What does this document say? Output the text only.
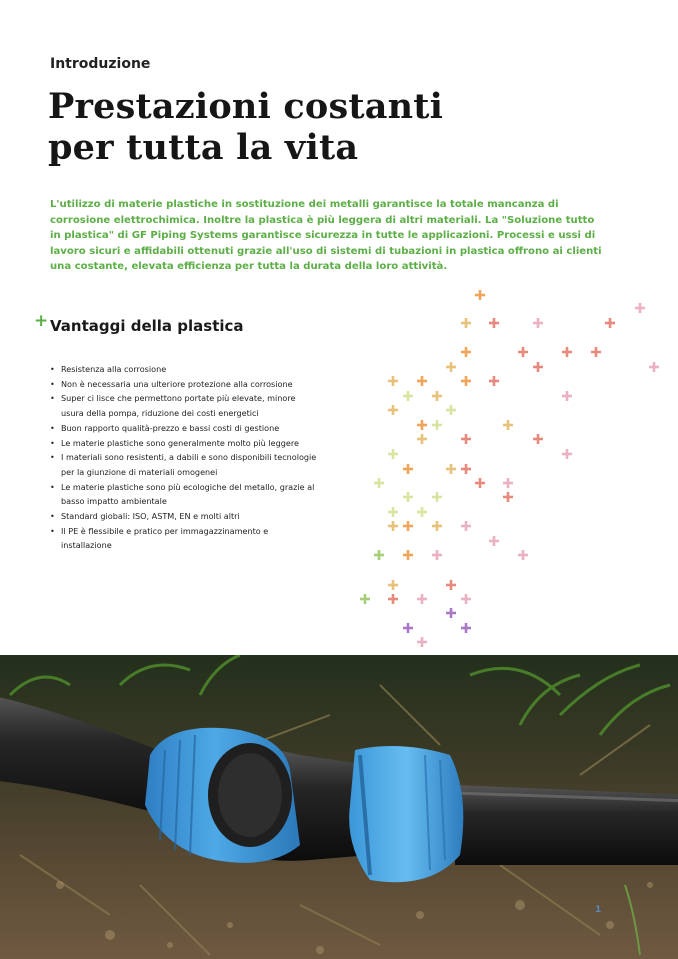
Introduzione
Prestazioni costanti
per tutta la vita

L'utilizzo di materie plastiche in sostituzione dei metalli garantisce la totale mancanza di corrosione elettrochimica. Inoltre la plastica è più leggera di altri materiali. La "Soluzione tutto in plastica" di GF Piping Systems garantisce sicurezza in tutte le applicazioni. Processi e ussi di lavoro sicuri e affidabili ottenuti grazie all'uso di sistemi di tubazioni in plastica offrono ai clienti una costante, elevata efficienza per tutta la durata della loro attività.

+ Vantaggi della plastica
• Resistenza alla corrosione
• Non è necessaria una ulteriore protezione alla corrosione
• Super ci lisce che permettono portate più elevate, minore usura della pompa, riduzione dei costi energetici
• Buon rapporto qualità-prezzo e bassi costi di gestione
• Le materie plastiche sono generalmente molto più leggere
• I materiali sono resistenti, a dabili e sono disponibili tecnologie per la giunzione di materiali omogenei
• Le materie plastiche sono più ecologiche del metallo, grazie al basso impatto ambientale
• Standard giobali: ISO, ASTM, EN e molti altri
• Il PE è flessibile e pratico per immagazzinamento e installazione
1
